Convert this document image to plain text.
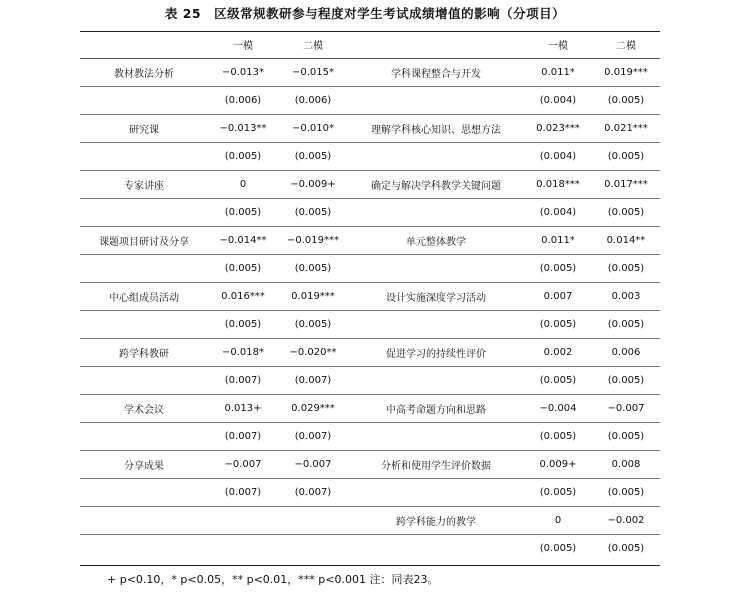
表 25　区级常规教研参与程度对学生考试成绩增值的影响（分项目）
	一模	二模		一模	二模
教材教法分析	−0.013*	−0.015*	学科课程整合与开发	0.011*	0.019***
	(0.006)	(0.006)		(0.004)	(0.005)
研究课	−0.013**	−0.010*	理解学科核心知识、思想方法	0.023***	0.021***
	(0.005)	(0.005)		(0.004)	(0.005)
专家讲座	0	−0.009+	确定与解决学科教学关键问题	0.018***	0.017***
	(0.005)	(0.005)		(0.004)	(0.005)
课题项目研讨及分享	−0.014**	−0.019***	单元整体教学	0.011*	0.014**
	(0.005)	(0.005)		(0.005)	(0.005)
中心组成员活动	0.016***	0.019***	设计实施深度学习活动	0.007	0.003
	(0.005)	(0.005)		(0.005)	(0.005)
跨学科教研	−0.018*	−0.020**	促进学习的持续性评价	0.002	0.006
	(0.007)	(0.007)		(0.005)	(0.005)
学术会议	0.013+	0.029***	中高考命题方向和思路	−0.004	−0.007
	(0.007)	(0.007)		(0.005)	(0.005)
分享成果	−0.007	−0.007	分析和使用学生评价数据	0.009+	0.008
	(0.007)	(0.007)		(0.005)	(0.005)
			跨学科能力的教学	0	−0.002
				(0.005)	(0.005)
+ p<0.10，* p<0.05，** p<0.01，*** p<0.001 注：同表23。
